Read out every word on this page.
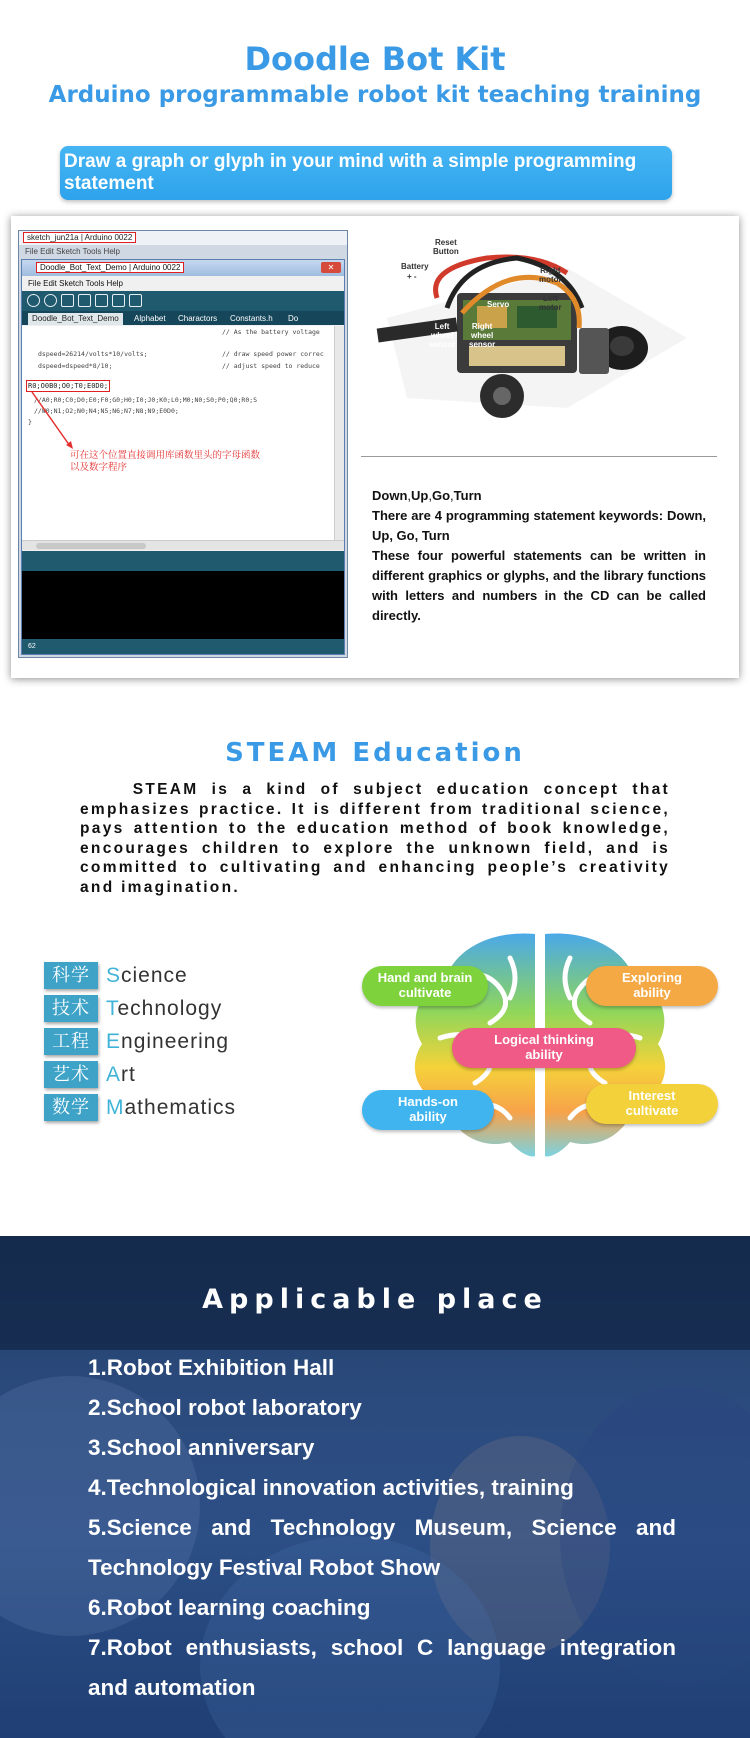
Doodle Bot Kit
Arduino programmable robot kit teaching training
Draw a graph or glyph in your mind with a simple programming statement
sketch_jun21a | Arduino 0022
File Edit Sketch Tools Help
Doodle_Bot_Text_Demo | Arduino 0022	✕
File Edit Sketch Tools Help
Doodle_Bot_Text_Demo	Alphabet	Charactors	Constants.h	Do
// As the battery voltage
dspeed=26214/volts*10/volts;	// draw speed power correc
dspeed=dspeed*8/10;	// adjust speed to reduce
R0;O0B0;O0;T0;E0D0;
//A0;R0;C0;D0;E0;F0;G0;H0;I0;J0;K0;L0;M0;N0;S0;P0;Q0;R0;S
//W0;N1;O2;N0;N4;N5;N6;N7;N8;N9;E0D0;
}
可在这个位置直接调用库函数里头的字母函数
以及数字程序
62
Reset
Button
Battery
+ -
Right
motor
Left
motor
Servo
Left
wheel
sensor
Right
wheel
sensor

Down,Up,Go,Turn

There are 4 programming statement keywords: Down, Up, Go, Turn

These four powerful statements can be written in different graphics or glyphs, and the library functions with letters and numbers in the CD can be called directly.

STEAM Education
STEAM is a kind of subject education concept that emphasizes practice. It is different from traditional science, pays attention to the education method of book knowledge, encourages children to explore the unknown field, and is committed to cultivating and enhancing people’s creativity and imagination.
科学 Science
技术 Technology
工程 Engineering
艺术 Art
数学 Mathematics
Hand and brain
cultivate
Exploring
ability
Logical thinking
ability
Hands-on
ability
Interest
cultivate
Applicable place
1.Robot Exhibition Hall
2.School robot laboratory
3.School anniversary
4.Technological innovation activities, training
5.Science and Technology Museum, Science and Technology Festival Robot Show
6.Robot learning coaching
7.Robot enthusiasts, school C language integration and automation
